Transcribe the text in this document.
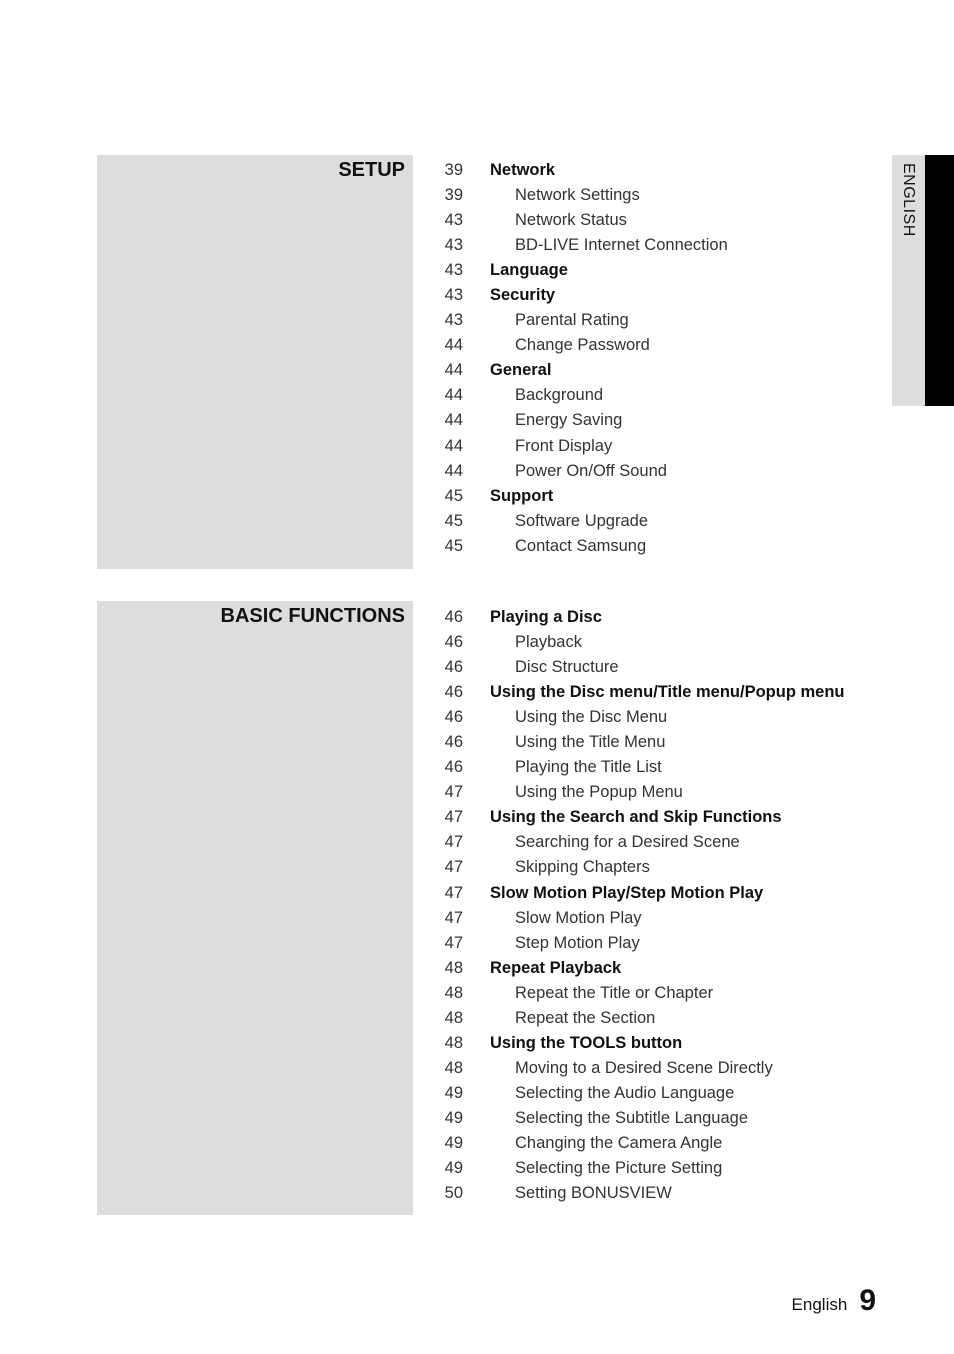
ENGLISH
SETUP	39 Network
39	Network Settings
43	Network Status
43	BD-LIVE Internet Connection
43 Language
43 Security
43	Parental Rating
44	Change Password
44 General
44	Background
44	Energy Saving
44	Front Display
44	Power On/Off Sound
45 Support
45	Software Upgrade
45	Contact Samsung
BASIC FUNCTIONS	46 Playing a Disc
46	Playback
46	Disc Structure
46 Using the Disc menu/Title menu/Popup menu
46	Using the Disc Menu
46	Using the Title Menu
46	Playing the Title List
47	Using the Popup Menu
47 Using the Search and Skip Functions
47	Searching for a Desired Scene
47	Skipping Chapters
47 Slow Motion Play/Step Motion Play
47	Slow Motion Play
47	Step Motion Play
48 Repeat Playback
48	Repeat the Title or Chapter
48	Repeat the Section
48 Using the TOOLS button
48	Moving to a Desired Scene Directly
49	Selecting the Audio Language
49	Selecting the Subtitle Language
49	Changing the Camera Angle
49	Selecting the Picture Setting
50	Setting BONUSVIEW
English 9
